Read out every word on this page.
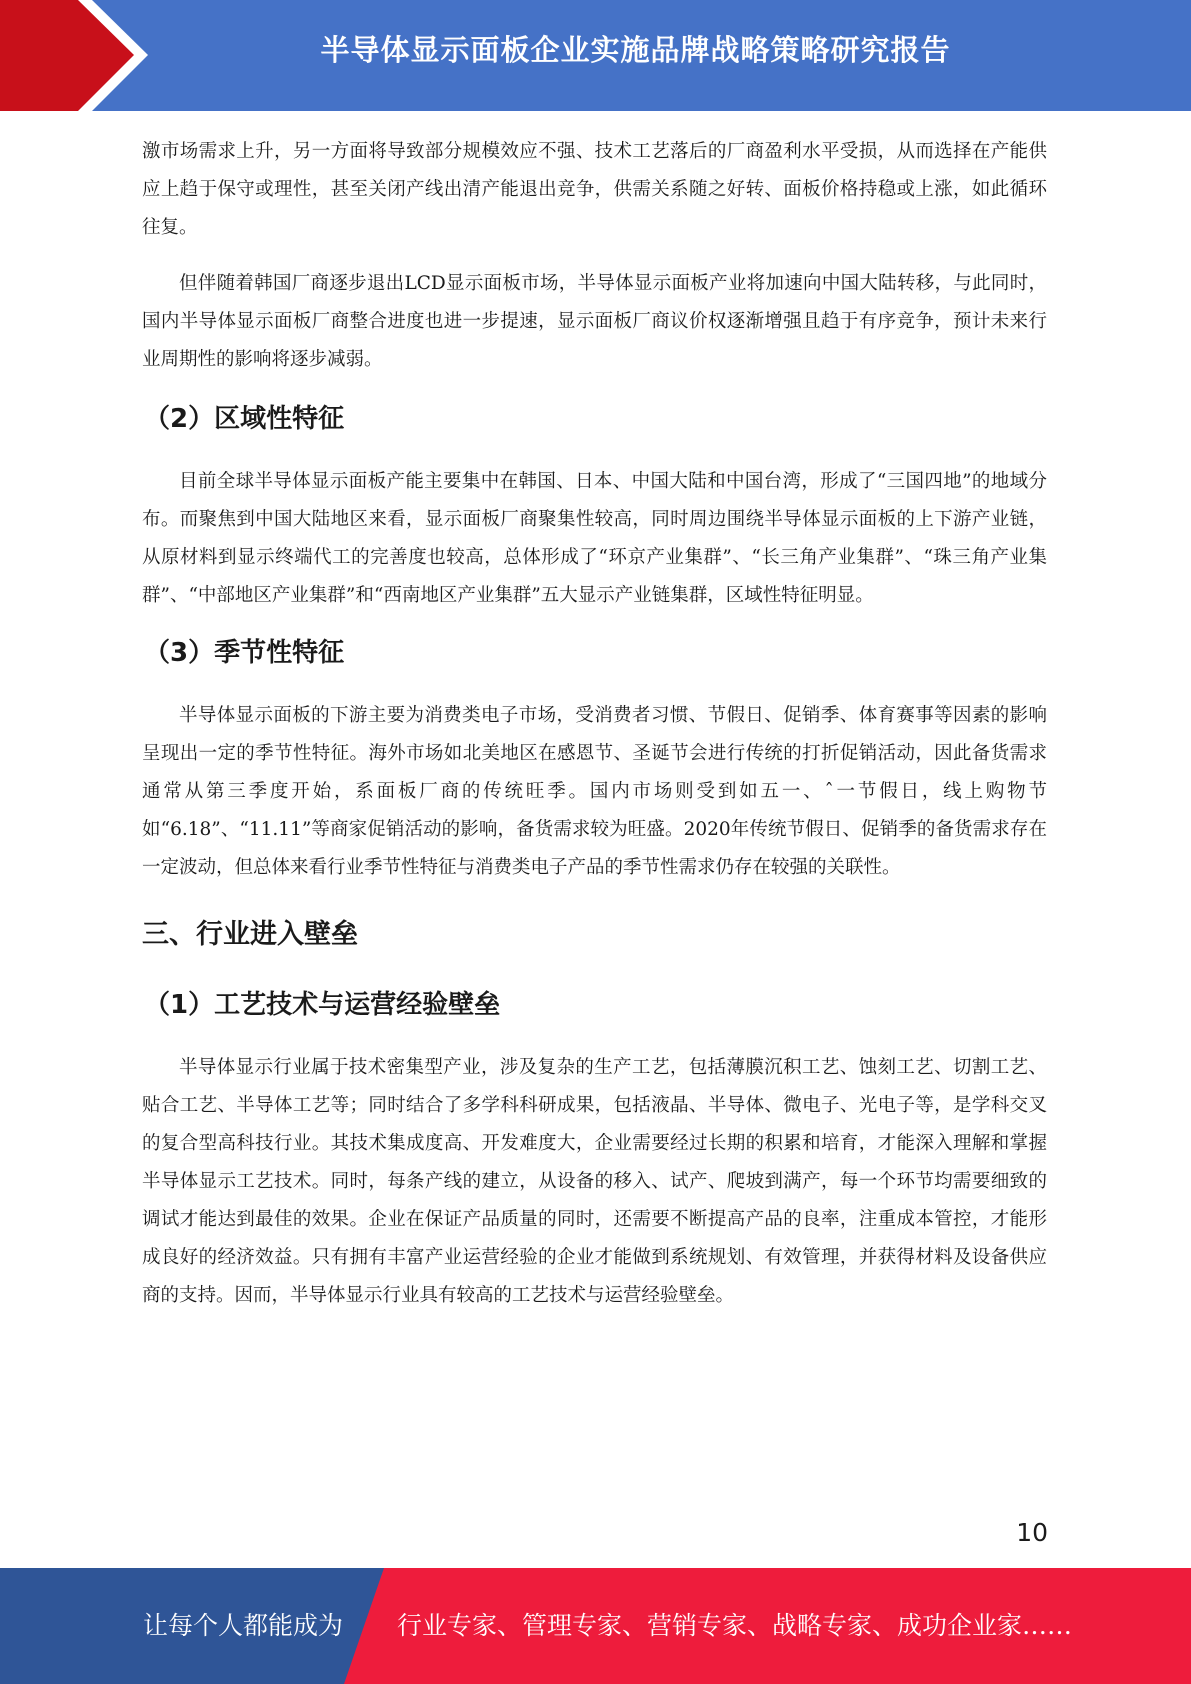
半导体显示面板企业实施品牌战略策略研究报告

激市场需求上升，另一方面将导致部分规模效应不强、技术工艺落后的厂商盈利水平受损，从而选择在产能供应上趋于保守或理性，甚至关闭产线出清产能退出竞争，供需关系随之好转、面板价格持稳或上涨，如此循环往复。

但伴随着韩国厂商逐步退出LCD显示面板市场，半导体显示面板产业将加速向中国大陆转移，与此同时，国内半导体显示面板厂商整合进度也进一步提速，显示面板厂商议价权逐渐增强且趋于有序竞争，预计未来行业周期性的影响将逐步减弱。

（2）区域性特征

目前全球半导体显示面板产能主要集中在韩国、日本、中国大陆和中国台湾，形成了“三国四地”的地域分布。而聚焦到中国大陆地区来看，显示面板厂商聚集性较高，同时周边围绕半导体显示面板的上下游产业链，从原材料到显示终端代工的完善度也较高，总体形成了“环京产业集群”、“长三角产业集群”、“珠三角产业集群”、“中部地区产业集群”和“西南地区产业集群”五大显示产业链集群，区域性特征明显。

（3）季节性特征

半导体显示面板的下游主要为消费类电子市场，受消费者习惯、节假日、促销季、体育赛事等因素的影响呈现出一定的季节性特征。海外市场如北美地区在感恩节、圣诞节会进行传统的打折促销活动，因此备货需求通常从第三季度开始，系面板厂商的传统旺季。国内市场则受到如五一、ˆ一节假日，线上购物节如“6.18”、“11.11”等商家促销活动的影响，备货需求较为旺盛。2020年传统节假日、促销季的备货需求存在一定波动，但总体来看行业季节性特征与消费类电子产品的季节性需求仍存在较强的关联性。

三、行业进入壁垒
（1）工艺技术与运营经验壁垒

半导体显示行业属于技术密集型产业，涉及复杂的生产工艺，包括薄膜沉积工艺、蚀刻工艺、切割工艺、贴合工艺、半导体工艺等；同时结合了多学科科研成果，包括液晶、半导体、微电子、光电子等，是学科交叉的复合型高科技行业。其技术集成度高、开发难度大，企业需要经过长期的积累和培育，才能深入理解和掌握半导体显示工艺技术。同时，每条产线的建立，从设备的移入、试产、爬坡到满产，每一个环节均需要细致的调试才能达到最佳的效果。企业在保证产品质量的同时，还需要不断提高产品的良率，注重成本管控，才能形成良好的经济效益。只有拥有丰富产业运营经验的企业才能做到系统规划、有效管理，并获得材料及设备供应商的支持。因而，半导体显示行业具有较高的工艺技术与运营经验壁垒。

10
让每个人都能成为 行业专家、管理专家、营销专家、战略专家、成功企业家……
